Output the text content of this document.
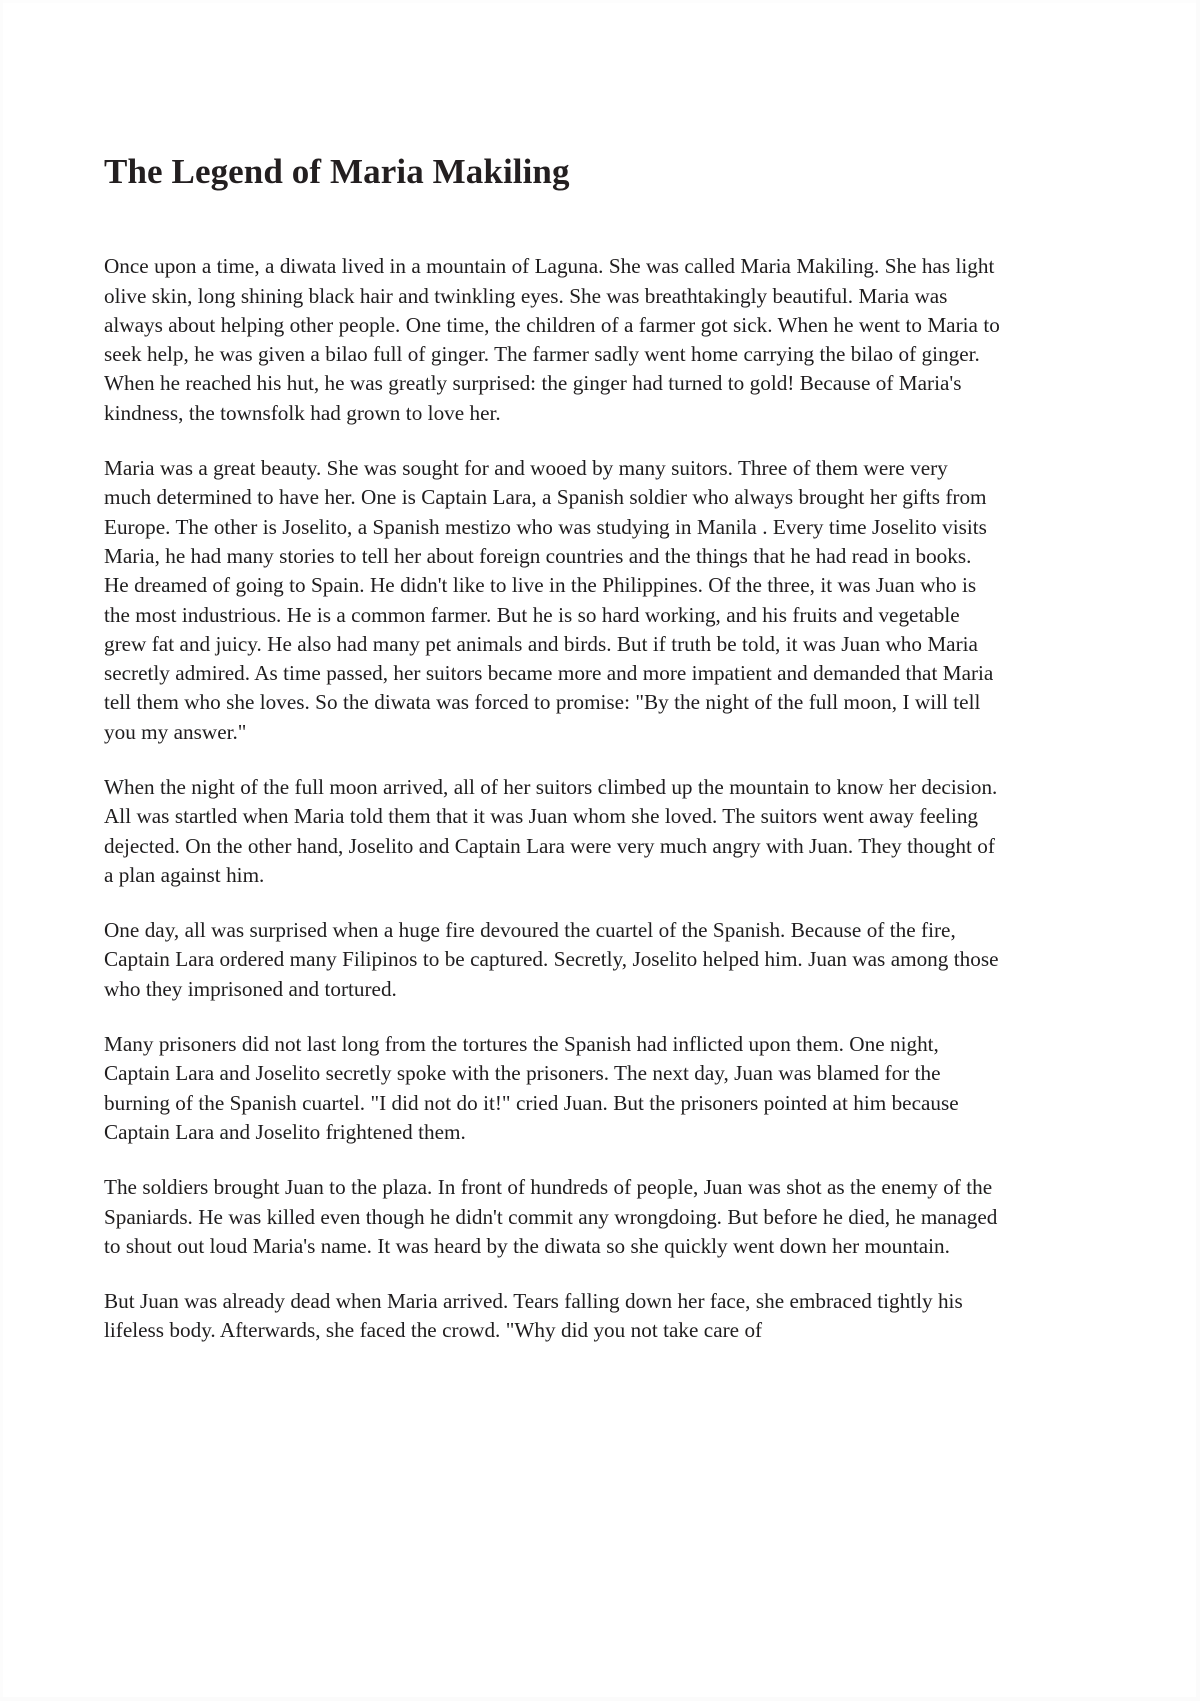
The Legend of Maria Makiling

Once upon a time, a diwata lived in a mountain of Laguna. She was called Maria Makiling. She has light olive skin, long shining black hair and twinkling eyes. She was breathtakingly beautiful. Maria was always about helping other people. One time, the children of a farmer got sick. When he went to Maria to seek help, he was given a bilao full of ginger. The farmer sadly went home carrying the bilao of ginger. When he reached his hut, he was greatly surprised: the ginger had turned to gold! Because of Maria's kindness, the townsfolk had grown to love her.

Maria was a great beauty. She was sought for and wooed by many suitors. Three of them were very much determined to have her. One is Captain Lara, a Spanish soldier who always brought her gifts from Europe. The other is Joselito, a Spanish mestizo who was studying in Manila . Every time Joselito visits Maria, he had many stories to tell her about foreign countries and the things that he had read in books. He dreamed of going to Spain. He didn't like to live in the Philippines. Of the three, it was Juan who is the most industrious. He is a common farmer. But he is so hard working, and his fruits and vegetable grew fat and juicy. He also had many pet animals and birds. But if truth be told, it was Juan who Maria secretly admired. As time passed, her suitors became more and more impatient and demanded that Maria tell them who she loves. So the diwata was forced to promise: "By the night of the full moon, I will tell you my answer."

When the night of the full moon arrived, all of her suitors climbed up the mountain to know her decision. All was startled when Maria told them that it was Juan whom she loved. The suitors went away feeling dejected. On the other hand, Joselito and Captain Lara were very much angry with Juan. They thought of a plan against him.

One day, all was surprised when a huge fire devoured the cuartel of the Spanish. Because of the fire, Captain Lara ordered many Filipinos to be captured. Secretly, Joselito helped him. Juan was among those who they imprisoned and tortured.

Many prisoners did not last long from the tortures the Spanish had inflicted upon them. One night, Captain Lara and Joselito secretly spoke with the prisoners. The next day, Juan was blamed for the burning of the Spanish cuartel. "I did not do it!" cried Juan. But the prisoners pointed at him because Captain Lara and Joselito frightened them.

The soldiers brought Juan to the plaza. In front of hundreds of people, Juan was shot as the enemy of the Spaniards. He was killed even though he didn't commit any wrongdoing. But before he died, he managed to shout out loud Maria's name. It was heard by the diwata so she quickly went down her mountain.

But Juan was already dead when Maria arrived. Tears falling down her face, she embraced tightly his lifeless body. Afterwards, she faced the crowd. "Why did you not take care of
